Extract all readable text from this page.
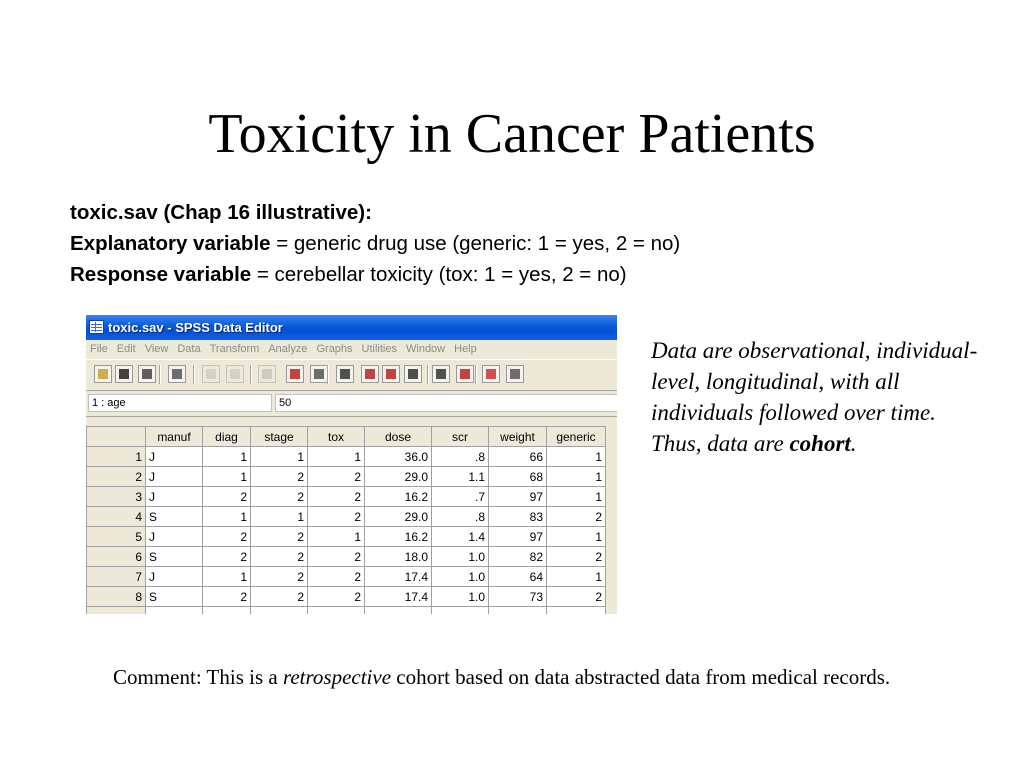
Toxicity in Cancer Patients
toxic.sav (Chap 16 illustrative):
Explanatory variable = generic drug use (generic: 1 = yes, 2 = no)
Response variable = cerebellar toxicity (tox: 1 = yes, 2 = no)
toxic.sav - SPSS Data Editor
File Edit View Data Transform Analyze Graphs Utilities Window Help
1 : age	50
	manuf	diag	stage	tox	dose	scr	weight	generic
1	J	1	1	1	36.0	.8	66	1
2	J	1	2	2	29.0	1.1	68	1
3	J	2	2	2	16.2	.7	97	1
4	S	1	1	2	29.0	.8	83	2
5	J	2	2	1	16.2	1.4	97	1
6	S	2	2	2	18.0	1.0	82	2
7	J	1	2	2	17.4	1.0	64	1
8	S	2	2	2	17.4	1.0	73	2

Data are observational, individual-level, longitudinal, with all individuals followed over time. Thus, data are cohort.
Comment: This is a retrospective cohort based on data abstracted data from medical records.
